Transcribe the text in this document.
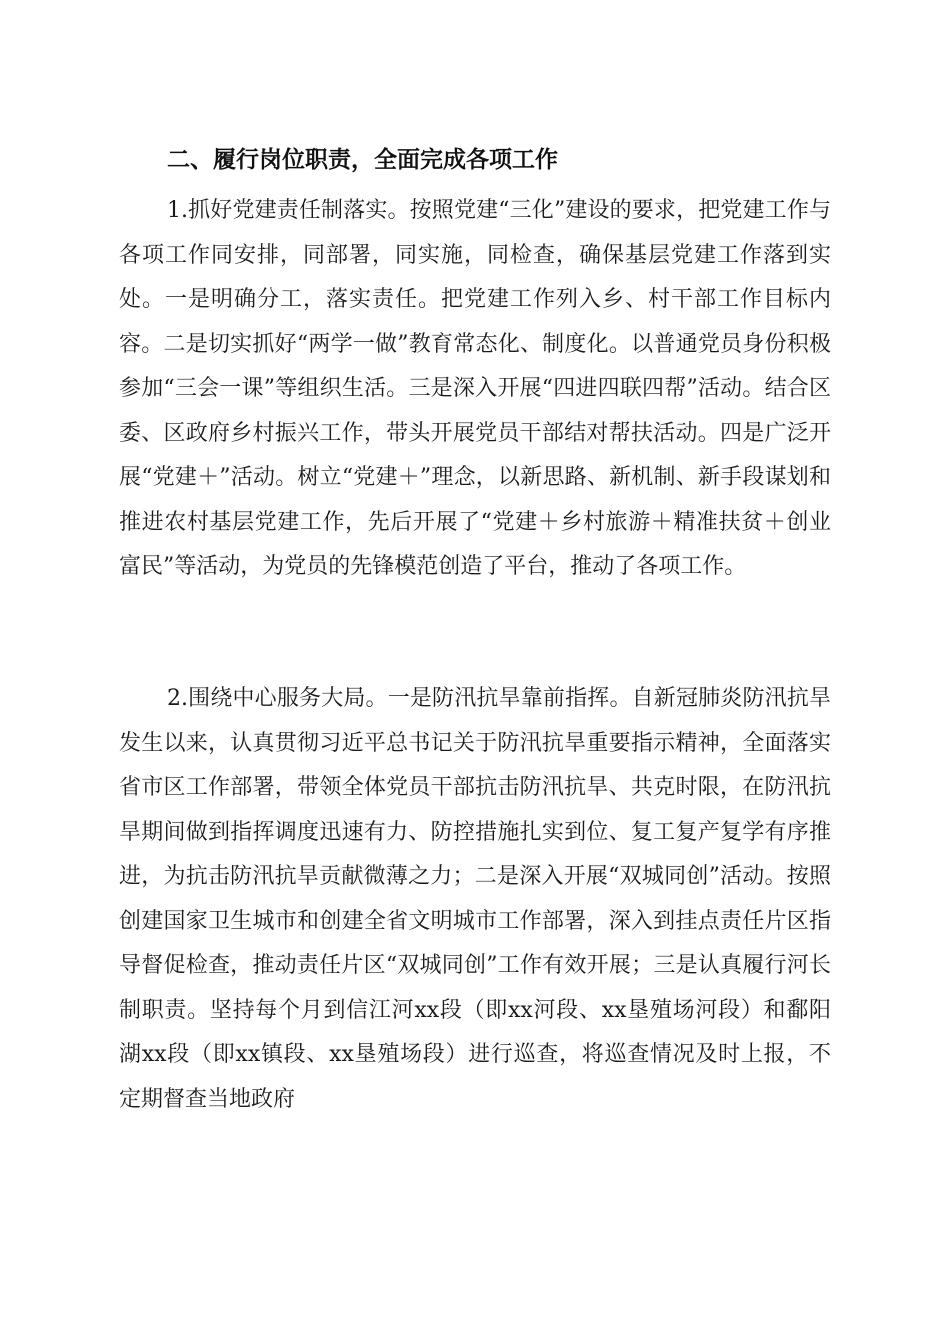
二、履行岗位职责，全面完成各项工作

1.抓好党建责任制落实。按照党建“三化”建设的要求，把党建工作与各项工作同安排，同部署，同实施，同检查，确保基层党建工作落到实处。一是明确分工，落实责任。把党建工作列入乡、村干部工作目标内容。二是切实抓好“两学一做”教育常态化、制度化。以普通党员身份积极参加“三会一课”等组织生活。三是深入开展“四进四联四帮”活动。结合区委、区政府乡村振兴工作，带头开展党员干部结对帮扶活动。四是广泛开展“党建＋”活动。树立“党建＋”理念，以新思路、新机制、新手段谋划和推进农村基层党建工作，先后开展了“党建＋乡村旅游＋精准扶贫＋创业富民”等活动，为党员的先锋模范创造了平台，推动了各项工作。

2.围绕中心服务大局。一是防汛抗旱靠前指挥。自新冠肺炎防汛抗旱发生以来，认真贯彻习近平总书记关于防汛抗旱重要指示精神，全面落实省市区工作部署，带领全体党员干部抗击防汛抗旱、共克时限，在防汛抗旱期间做到指挥调度迅速有力、防控措施扎实到位、复工复产复学有序推进，为抗击防汛抗旱贡献微薄之力；二是深入开展“双城同创”活动。按照创建国家卫生城市和创建全省文明城市工作部署，深入到挂点责任片区指导督促检查，推动责任片区“双城同创”工作有效开展；三是认真履行河长制职责。坚持每个月到信江河xx段（即xx河段、xx垦殖场河段）和鄱阳湖xx段（即xx镇段、xx垦殖场段）进行巡查，将巡查情况及时上报，不定期督查当地政府
